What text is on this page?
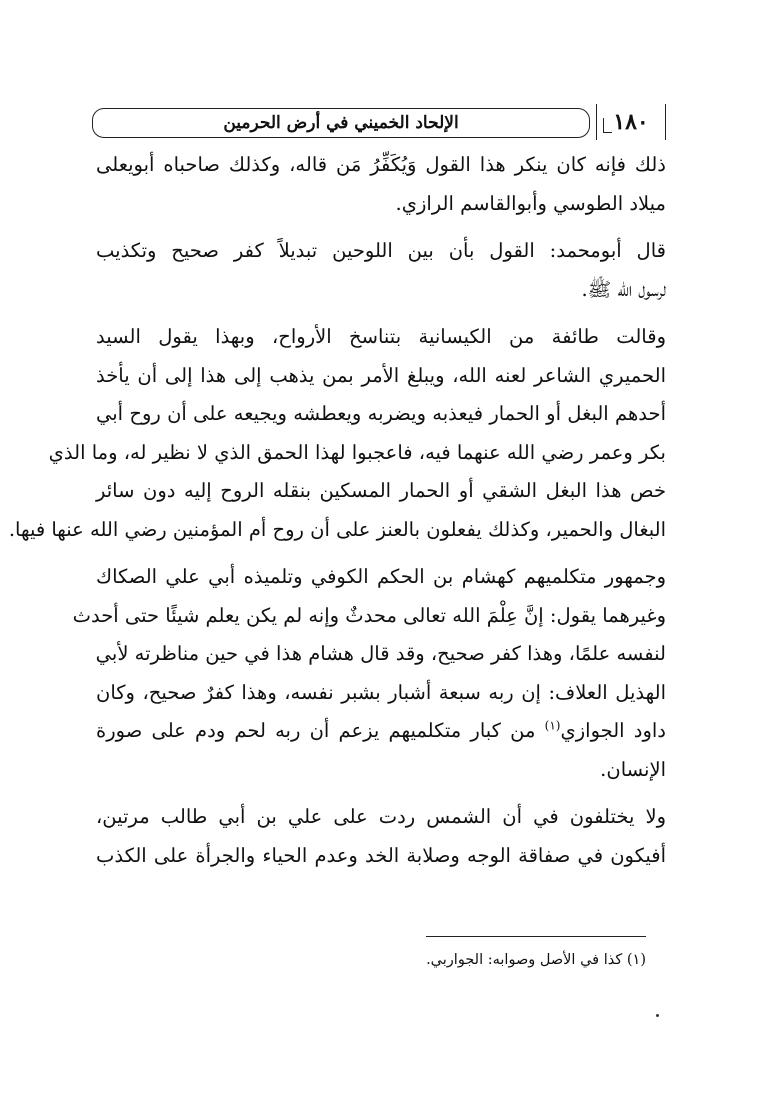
١٨٠
الإلحاد الخميني في أرض الحرمين
ذلك فإنه كان ينكر هذا القول وَيُكَفِّرُ مَن قاله، وكذلك صاحباه أبويعلى
ميلاد الطوسي وأبوالقاسم الرازي.
قال أبومحمد: القول بأن بين اللوحين تبديلاً كفر صحيح وتكذيب
لرسول الله ﷺ.
وقالت طائفة من الكيسانية بتناسخ الأرواح، وبهذا يقول السيد
الحميري الشاعر لعنه الله، ويبلغ الأمر بمن يذهب إلى هذا إلى أن يأخذ
أحدهم البغل أو الحمار فيعذبه ويضربه ويعطشه ويجيعه على أن روح أبي
بكر وعمر رضي الله عنهما فيه، فاعجبوا لهذا الحمق الذي لا نظير له، وما الذي
خص هذا البغل الشقي أو الحمار المسكين بنقله الروح إليه دون سائر
البغال والحمير، وكذلك يفعلون بالعنز على أن روح أم المؤمنين رضي الله عنها فيها.
وجمهور متكلميهم كهشام بن الحكم الكوفي وتلميذه أبي علي الصكاك
وغيرهما يقول: إنَّ عِلْمَ الله تعالى محدثٌ وإنه لم يكن يعلم شيئًا حتى أحدث
لنفسه علمًا، وهذا كفر صحيح، وقد قال هشام هذا في حين مناظرته لأبي
الهذيل العلاف: إن ربه سبعة أشبار بشبر نفسه، وهذا كفرٌ صحيح، وكان
داود الجوازي$^{(١)}$ من كبار متكلميهم يزعم أن ربه لحم ودم على صورة
الإنسان.
ولا يختلفون في أن الشمس ردت على علي بن أبي طالب مرتين،
أفيكون في صفاقة الوجه وصلابة الخد وعدم الحياء والجرأة على الكذب
(١) كذا في الأصل وصوابه: الجواربي.
